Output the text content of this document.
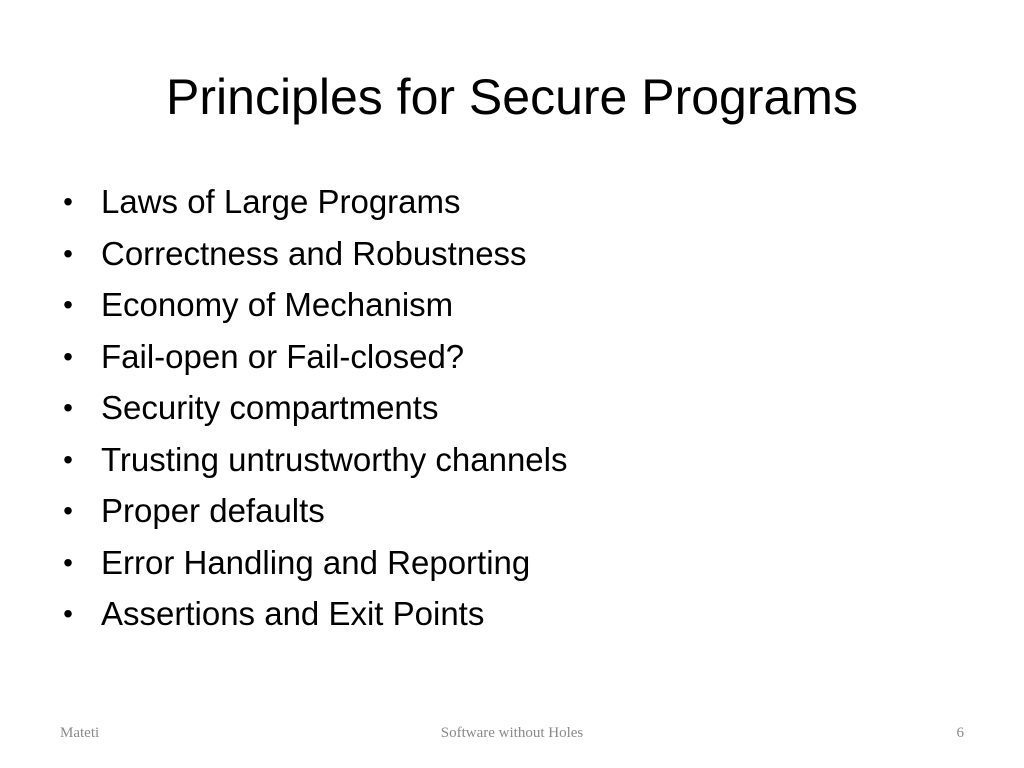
Principles for Secure Programs
• Laws of Large Programs
• Correctness and Robustness
• Economy of Mechanism
• Fail-open or Fail-closed?
• Security compartments
• Trusting untrustworthy channels
• Proper defaults
• Error Handling and Reporting
• Assertions and Exit Points
Mateti	Software without Holes	6
